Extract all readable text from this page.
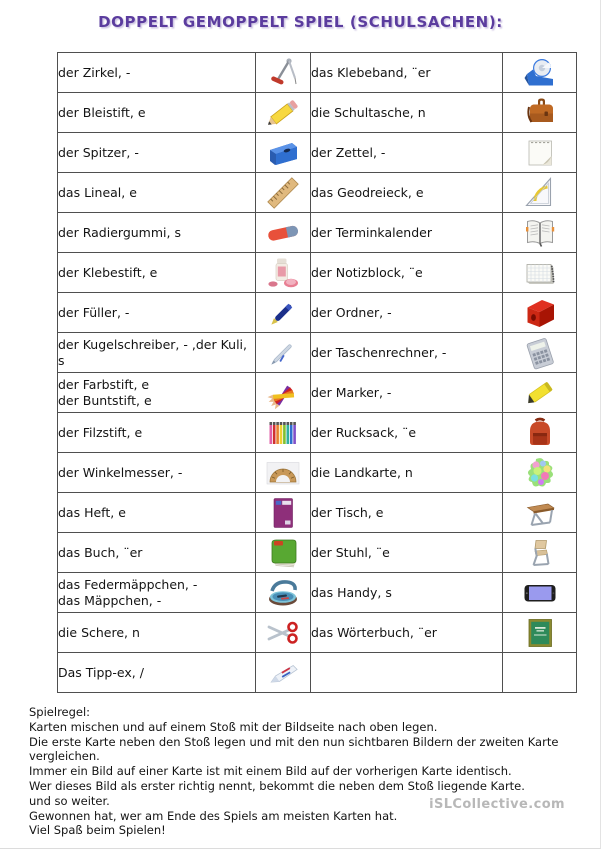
DOPPELT GEMOPPELT SPIEL (SCHULSACHEN):
der Zirkel, -		das Klebeband, ¨er

der Bleistift, e		die Schultasche, n

der Spitzer, -		der Zettel, -

das Lineal, e		das Geodreieck, e

der Radiergummi, s		der Terminkalender

der Klebestift, e		der Notizblock, ¨e

der Füller, -		der Ordner, -

der Kugelschreiber, - ,der Kuli, s		der Taschenrechner, -

der Farbstift, e
der Buntstift, e		der Marker, -

der Filzstift, e		der Rucksack, ¨e

der Winkelmesser, -		die Landkarte, n

das Heft, e		der Tisch, e

das Buch, ¨er		der Stuhl, ¨e

das Federmäppchen, -
das Mäppchen, -		das Handy, s

die Schere, n		das Wörterbuch, ¨er

Das Tipp-ex, /

Spielregel:
Karten mischen und auf einem Stoß mit der Bildseite nach oben legen.
Die erste Karte neben den Stoß legen und mit den nun sichtbaren Bildern der zweiten Karte vergleichen.
Immer ein Bild auf einer Karte ist mit einem Bild auf der vorherigen Karte identisch.
Wer dieses Bild als erster richtig nennt, bekommt die neben dem Stoß liegende Karte.
und so weiter.
Gewonnen hat, wer am Ende des Spiels am meisten Karten hat.
Viel Spaß beim Spielen!
iSLCollective.com
